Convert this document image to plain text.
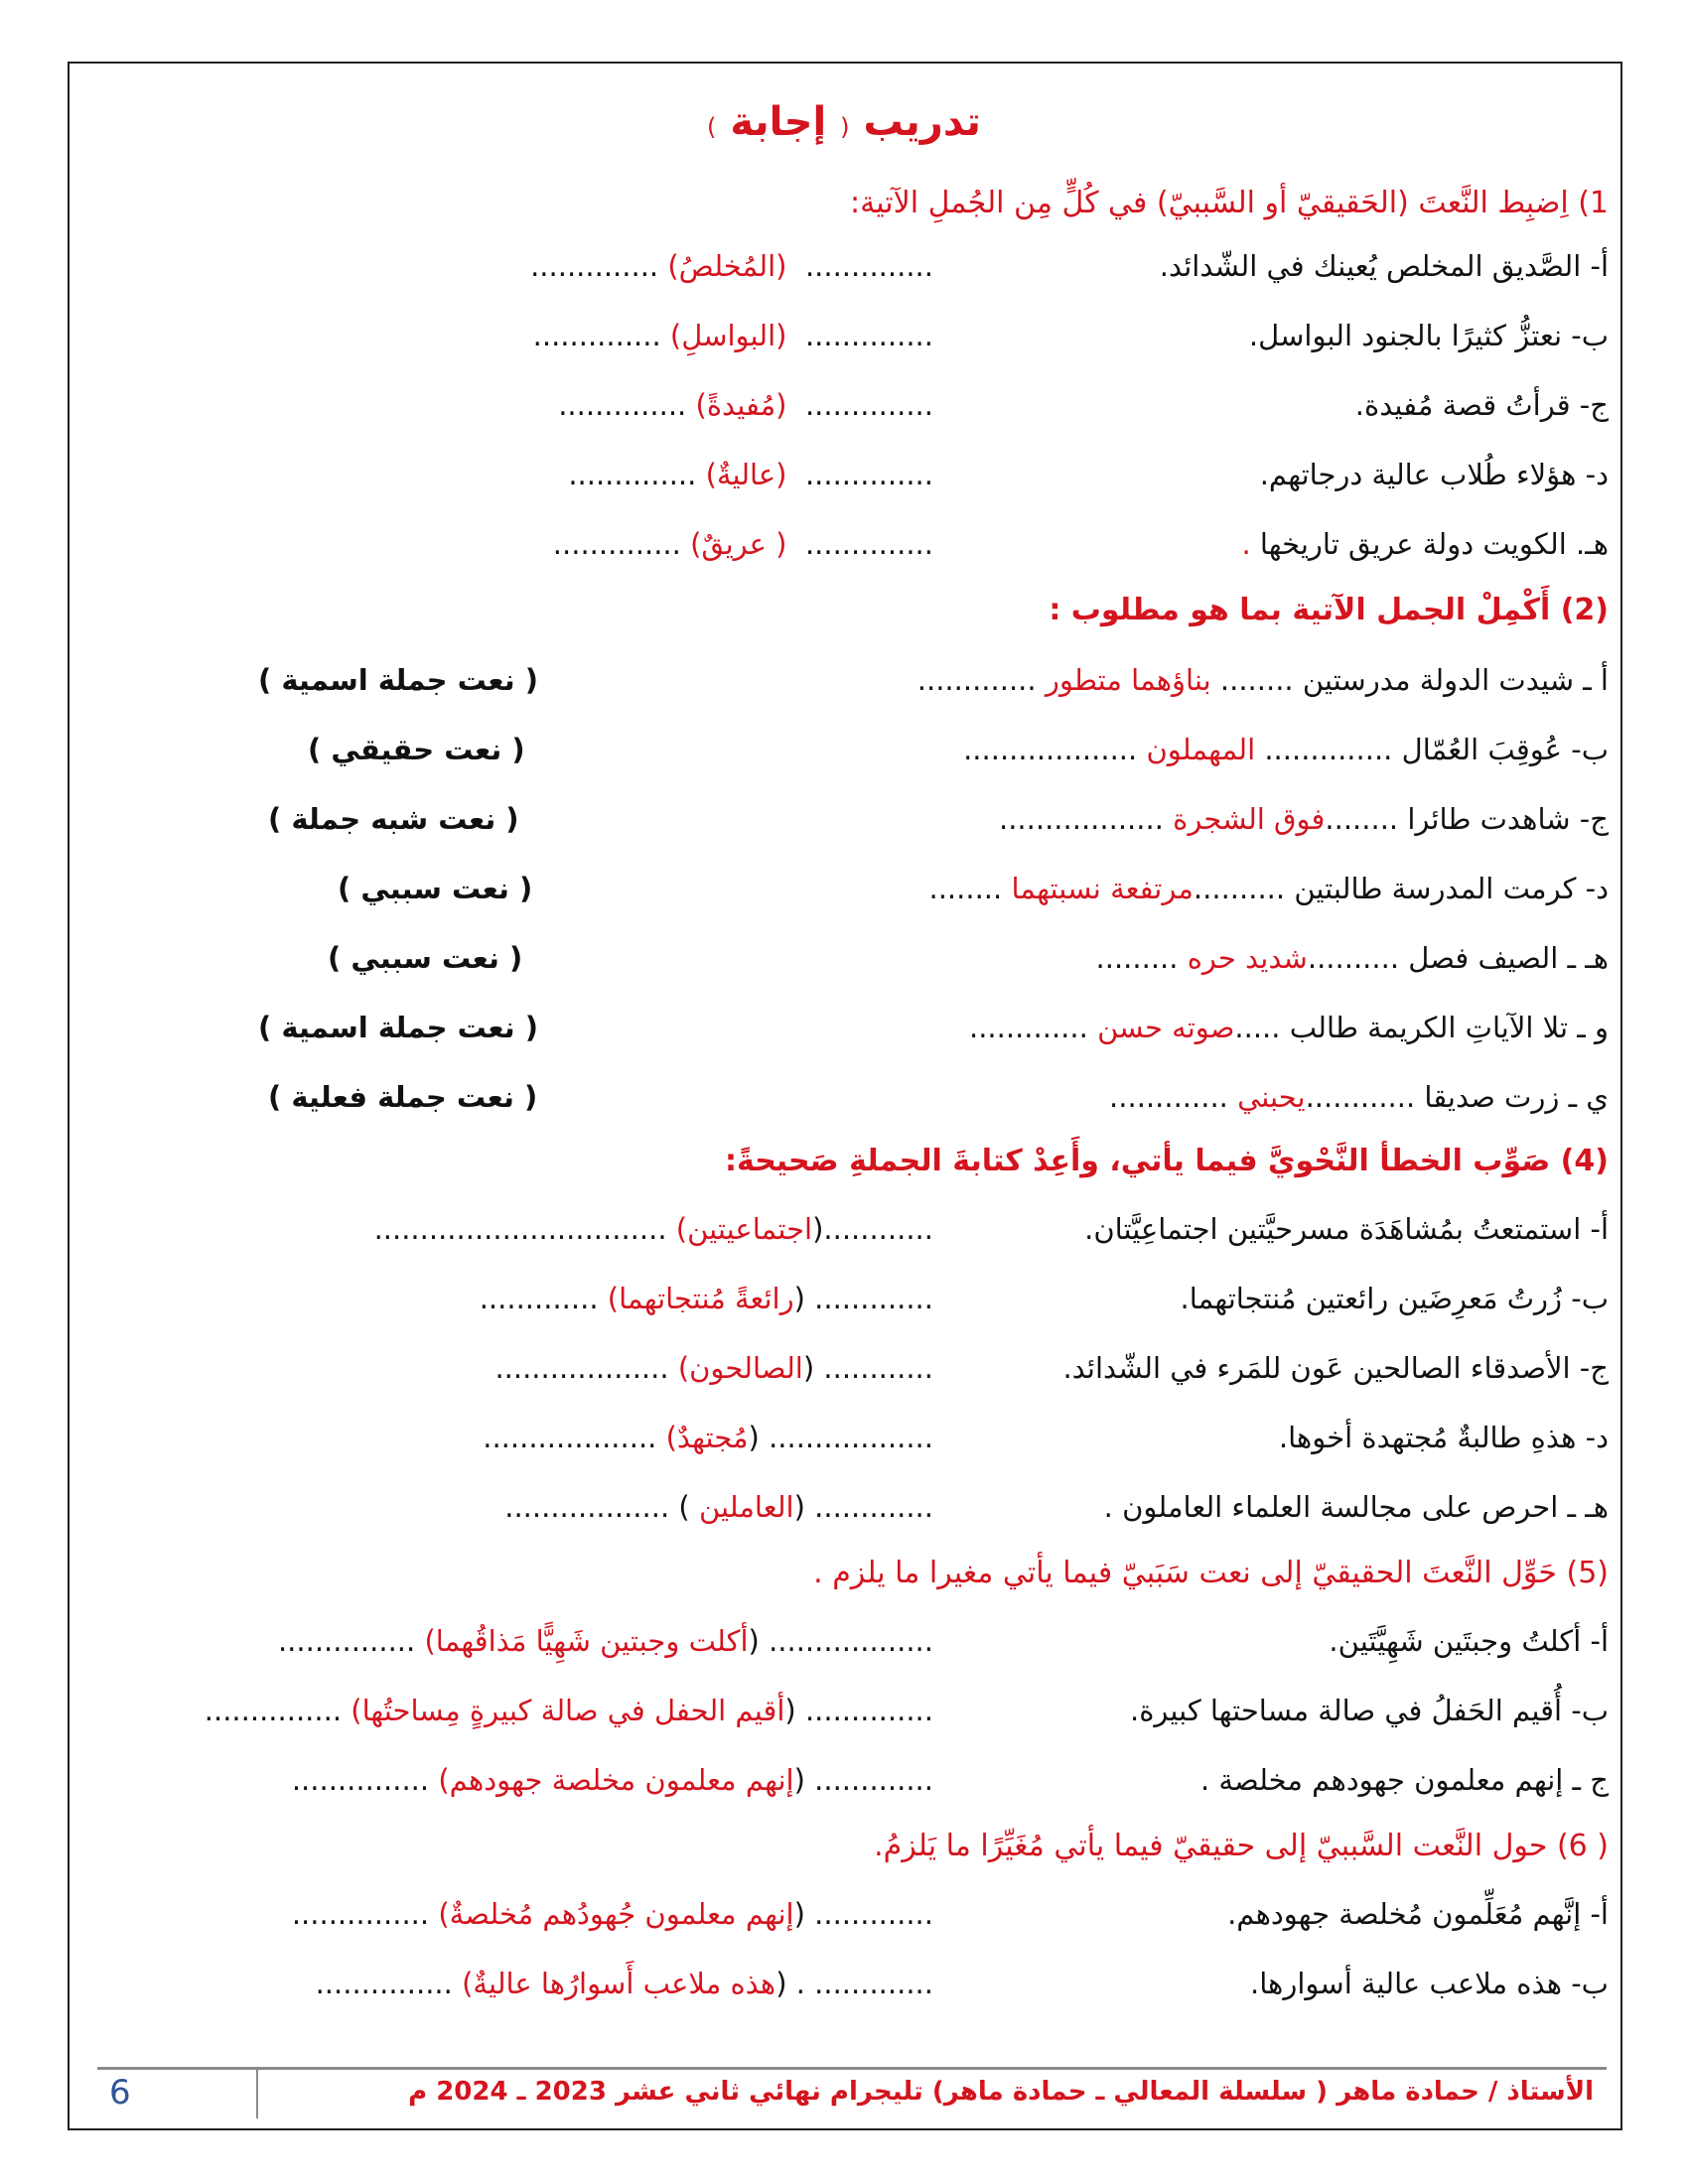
تدريب ( إجابة )
1) اِضبِط النَّعتَ (الحَقيقيّ أو السَّببيّ) في كُلٍّ مِن الجُملِ الآتية:
أ- الصَّديق المخلص يُعينك في الشّدائد.
..............  (المُخلصُ) ..............
ب- نعتزُّ كثيرًا بالجنود البواسل.
..............  (البواسلِ) ..............
ج- قرأتُ قصة مُفيدة.
..............  (مُفيدةً) ..............
د- هؤلاء طُلاب عالية درجاتهم.
..............  (عاليةٌ) ..............
هـ. الكويت دولة عريق تاريخها .
..............  ( عريقٌ) ..............
(2) أَكْمِلْ الجمل الآتية بما هو مطلوب :
أ ـ شيدت الدولة مدرستين ........ بناؤهما متطور .............
( نعت جملة اسمية )
ب- عُوقِبَ العُمّال .............. المهملون ...................
( نعت حقيقي )
ج- شاهدت طائرا ........فوق الشجرة ..................
( نعت شبه جملة )
د- كرمت المدرسة طالبتين ..........مرتفعة نسبتهما ........
( نعت سببي )
هـ ـ الصيف فصل ..........شديد حره .........
( نعت سببي )
و ـ تلا الآياتِ الكريمة طالب .....صوته حسن .............
( نعت جملة اسمية )
ي ـ زرت صديقا ............يحبني .............
( نعت جملة فعلية )
(4) صَوِّب الخطأ النَّحْويَّ فيما يأتي، وأَعِدْ كتابةَ الجملةِ صَحيحةً:
أ- استمتعتُ بمُشاهَدَة مسرحيَّتين اجتماعِيَّتان.
............(اجتماعيتين) ................................
ب- زُرتُ مَعرِضَين رائعتين مُنتجاتهما.
............. (رائعةً مُنتجاتهما) .............
ج- الأصدقاء الصالحين عَون للمَرء في الشّدائد.
............ (الصالحون) ...................
د- هذهِ طالبةٌ مُجتهدة أخوها.
.................. (مُجتهدٌ) ...................
هـ ـ احرص على مجالسة العلماء العاملون .
............. (العاملين ) ..................
(5) حَوِّل النَّعتَ الحقيقيّ إلى نعت سَبَبيّ فيما يأتي مغيرا ما يلزم .
أ- أكلتُ وجبتَين شَهِيَّتَين.
.................. (أكلت وجبتين شَهِيًّا مَذاقُهما) ...............
ب- أُقيم الحَفلُ في صالة مساحتها كبيرة.
.............. (أقيم الحفل في صالة كبيرةٍ مِساحتُها) ...............
ج ـ إنهم معلمون جهودهم مخلصة .
............. (إنهم معلمون مخلصة جهودهم) ...............
( 6) حول النَّعت السَّببيّ إلى حقيقيّ فيما يأتي مُغَيِّرًا ما يَلزمُ.
أ- إنَّهم مُعَلِّمون مُخلصة جهودهم.
............. (إنهم معلمون جُهودُهم مُخلصةٌ) ...............
ب- هذه ملاعب عالية أسوارها.
............. . (هذه ملاعب أَسوارُها عاليةٌ) ...............
الأستاذ / حمادة ماهر ( سلسلة المعالي ـ حمادة ماهر) تليجرام نهائي ثاني عشر 2023 ـ 2024 م
6
